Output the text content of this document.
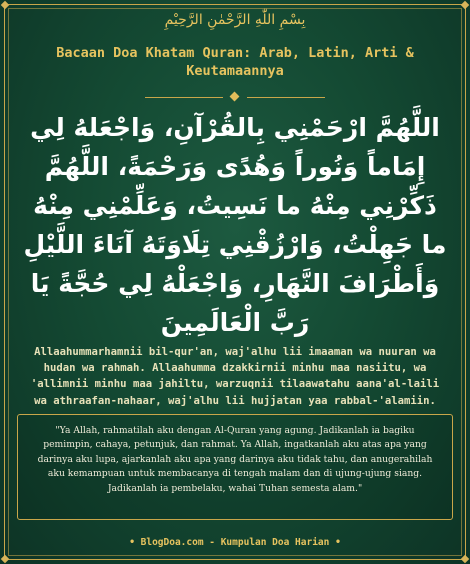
بِسْمِ اللّٰهِ الرَّحْمٰنِ الرَّحِيْمِ
Bacaan Doa Khatam Quran: Arab, Latin, Arti & Keutamaannya
اللَّهُمَّ ارْحَمْنِي بِالقُرْآنِ، وَاجْعَلهُ لِي إِمَاماً وَنُوراً وَهُدًى وَرَحْمَةً، اللَّهُمَّ ذَكِّرْنِي مِنْهُ ما نَسِيتُ، وَعَلِّمْنِي مِنْهُ ما جَهِلْتُ، وَارْزُقْنِي تِلَاوَتَهُ آنَاءَ اللَّيْلِ وَأَطْرَافَ النَّهَارِ، وَاجْعَلْهُ لِي حُجَّةً يَا رَبَّ الْعَالَمِينَ
Allaahummarhamnii bil-qur'an, waj'alhu lii imaaman wa nuuran wa hudan wa rahmah. Allaahumma dzakkirnii minhu maa nasiitu, wa 'allimnii minhu maa jahiltu, warzuqnii tilaawatahu aana'al-laili wa athraafan-nahaar, waj'alhu lii hujjatan yaa rabbal-'alamiin.
"Ya Allah, rahmatilah aku dengan Al-Quran yang agung. Jadikanlah ia bagiku pemimpin, cahaya, petunjuk, dan rahmat. Ya Allah, ingatkanlah aku atas apa yang darinya aku lupa, ajarkanlah aku apa yang darinya aku tidak tahu, dan anugerahilah aku kemampuan untuk membacanya di tengah malam dan di ujung-ujung siang. Jadikanlah ia pembelaku, wahai Tuhan semesta alam."
• BlogDoa.com - Kumpulan Doa Harian •
